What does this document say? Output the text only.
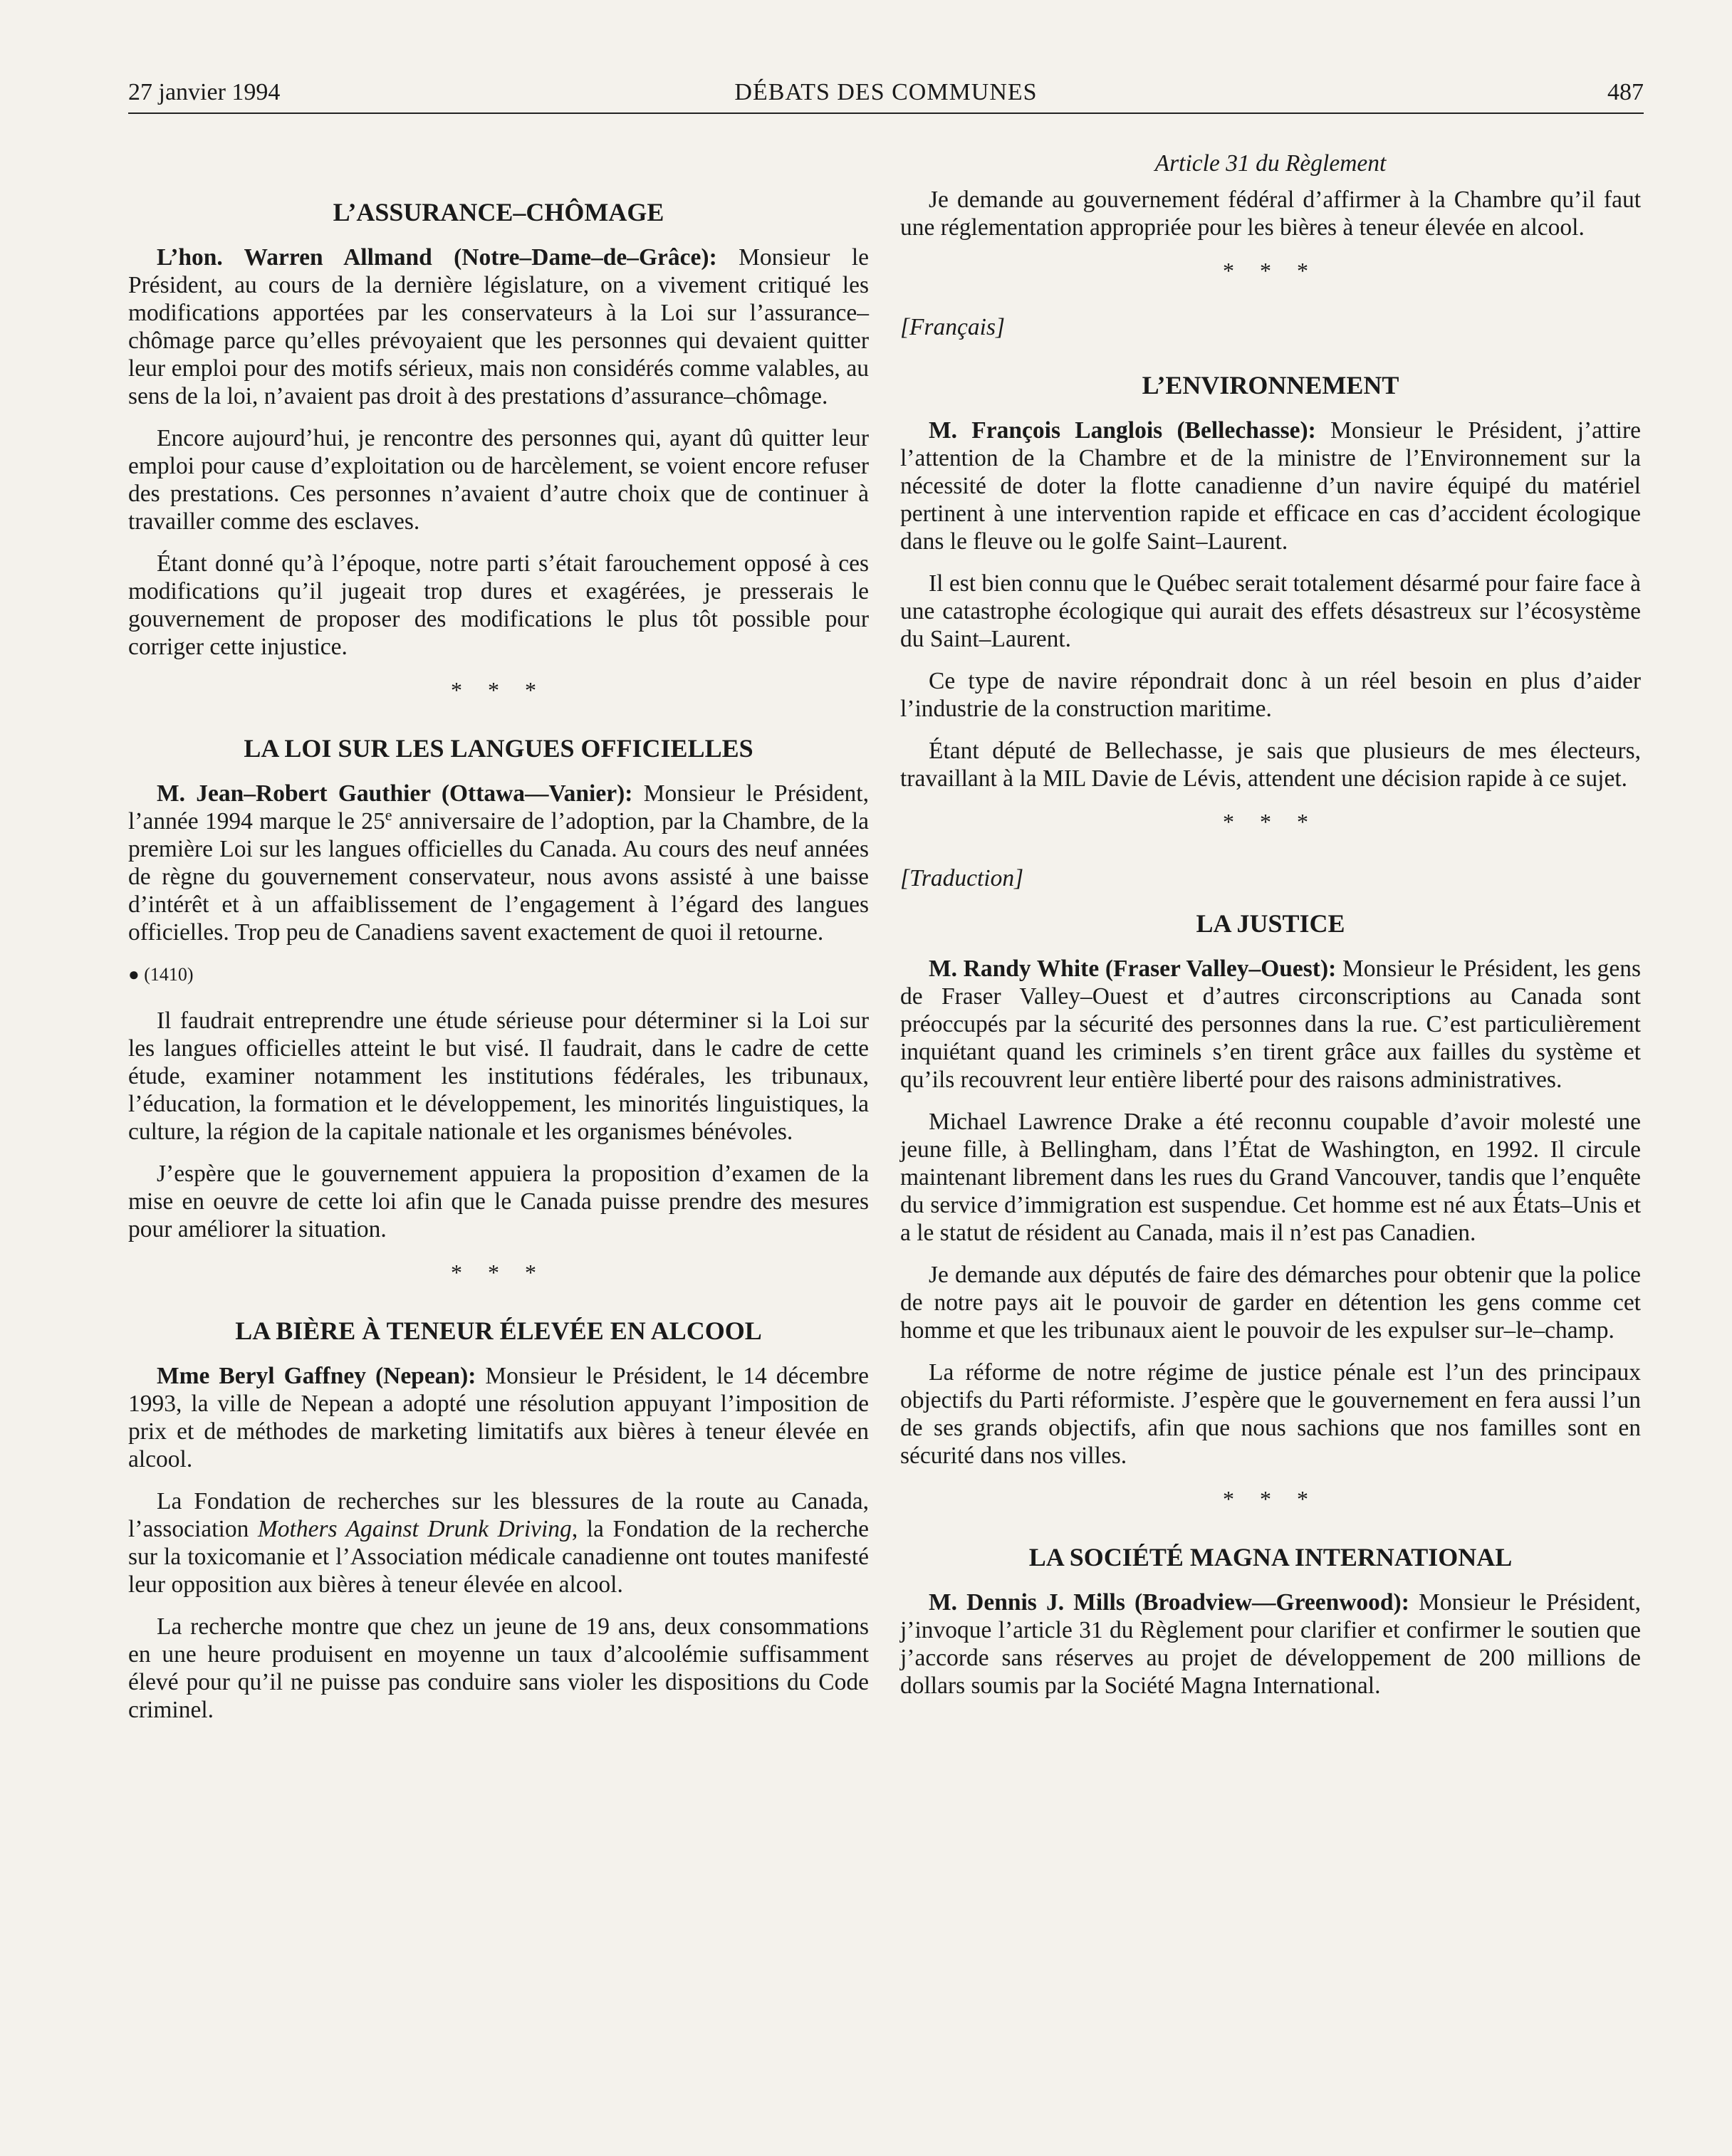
27 janvier 1994	DÉBATS DES COMMUNES	487
L’ASSURANCE–CHÔMAGE

L’hon. Warren Allmand (Notre–Dame–de–Grâce): Monsieur le Président, au cours de la dernière législature, on a vivement critiqué les modifications apportées par les conservateurs à la Loi sur l’assurance–chômage parce qu’elles prévoyaient que les personnes qui devaient quitter leur emploi pour des motifs sérieux, mais non considérés comme valables, au sens de la loi, n’avaient pas droit à des prestations d’assurance–chômage.

Encore aujourd’hui, je rencontre des personnes qui, ayant dû quitter leur emploi pour cause d’exploitation ou de harcèlement, se voient encore refuser des prestations. Ces personnes n’avaient d’autre choix que de continuer à travailler comme des esclaves.

Étant donné qu’à l’époque, notre parti s’était farouchement opposé à ces modifications qu’il jugeait trop dures et exagérées, je presserais le gouvernement de proposer des modifications le plus tôt possible pour corriger cette injustice.

* * *
LA LOI SUR LES LANGUES OFFICIELLES

M. Jean–Robert Gauthier (Ottawa—Vanier): Monsieur le Président, l’année 1994 marque le 25e anniversaire de l’adoption, par la Chambre, de la première Loi sur les langues officielles du Canada. Au cours des neuf années de règne du gouvernement conservateur, nous avons assisté à une baisse d’intérêt et à un affaiblissement de l’engagement à l’égard des langues officielles. Trop peu de Canadiens savent exactement de quoi il retourne.

● (1410)

Il faudrait entreprendre une étude sérieuse pour déterminer si la Loi sur les langues officielles atteint le but visé. Il faudrait, dans le cadre de cette étude, examiner notamment les institutions fédérales, les tribunaux, l’éducation, la formation et le développement, les minorités linguistiques, la culture, la région de la capitale nationale et les organismes bénévoles.

J’espère que le gouvernement appuiera la proposition d’examen de la mise en oeuvre de cette loi afin que le Canada puisse prendre des mesures pour améliorer la situation.

* * *
LA BIÈRE À TENEUR ÉLEVÉE EN ALCOOL

Mme Beryl Gaffney (Nepean): Monsieur le Président, le 14 décembre 1993, la ville de Nepean a adopté une résolution appuyant l’imposition de prix et de méthodes de marketing limitatifs aux bières à teneur élevée en alcool.

La Fondation de recherches sur les blessures de la route au Canada, l’association Mothers Against Drunk Driving, la Fondation de la recherche sur la toxicomanie et l’Association médicale canadienne ont toutes manifesté leur opposition aux bières à teneur élevée en alcool.

La recherche montre que chez un jeune de 19 ans, deux consommations en une heure produisent en moyenne un taux d’alcoolémie suffisamment élevé pour qu’il ne puisse pas conduire sans violer les dispositions du Code criminel.

Article 31 du Règlement

Je demande au gouvernement fédéral d’affirmer à la Chambre qu’il faut une réglementation appropriée pour les bières à teneur élevée en alcool.

* * *
[Français]
L’ENVIRONNEMENT

M. François Langlois (Bellechasse): Monsieur le Président, j’attire l’attention de la Chambre et de la ministre de l’Environnement sur la nécessité de doter la flotte canadienne d’un navire équipé du matériel pertinent à une intervention rapide et efficace en cas d’accident écologique dans le fleuve ou le golfe Saint–Laurent.

Il est bien connu que le Québec serait totalement désarmé pour faire face à une catastrophe écologique qui aurait des effets désastreux sur l’écosystème du Saint–Laurent.

Ce type de navire répondrait donc à un réel besoin en plus d’aider l’industrie de la construction maritime.

Étant député de Bellechasse, je sais que plusieurs de mes électeurs, travaillant à la MIL Davie de Lévis, attendent une décision rapide à ce sujet.

* * *
[Traduction]
LA JUSTICE

M. Randy White (Fraser Valley–Ouest): Monsieur le Président, les gens de Fraser Valley–Ouest et d’autres circonscriptions au Canada sont préoccupés par la sécurité des personnes dans la rue. C’est particulièrement inquiétant quand les criminels s’en tirent grâce aux failles du système et qu’ils recouvrent leur entière liberté pour des raisons administratives.

Michael Lawrence Drake a été reconnu coupable d’avoir molesté une jeune fille, à Bellingham, dans l’État de Washington, en 1992. Il circule maintenant librement dans les rues du Grand Vancouver, tandis que l’enquête du service d’immigration est suspendue. Cet homme est né aux États–Unis et a le statut de résident au Canada, mais il n’est pas Canadien.

Je demande aux députés de faire des démarches pour obtenir que la police de notre pays ait le pouvoir de garder en détention les gens comme cet homme et que les tribunaux aient le pouvoir de les expulser sur–le–champ.

La réforme de notre régime de justice pénale est l’un des principaux objectifs du Parti réformiste. J’espère que le gouvernement en fera aussi l’un de ses grands objectifs, afin que nous sachions que nos familles sont en sécurité dans nos villes.

* * *
LA SOCIÉTÉ MAGNA INTERNATIONAL

M. Dennis J. Mills (Broadview—Greenwood): Monsieur le Président, j’invoque l’article 31 du Règlement pour clarifier et confirmer le soutien que j’accorde sans réserves au projet de développement de 200 millions de dollars soumis par la Société Magna International.
